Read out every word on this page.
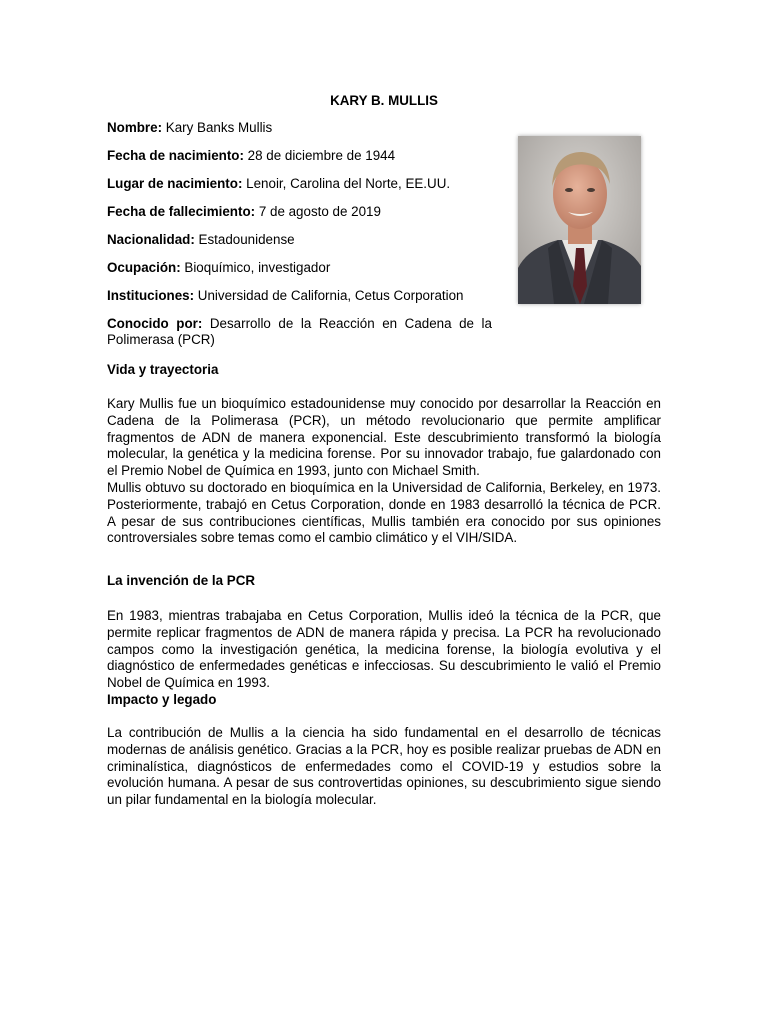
KARY B. MULLIS
Nombre: Kary Banks Mullis
Fecha de nacimiento: 28 de diciembre de 1944
Lugar de nacimiento: Lenoir, Carolina del Norte, EE.UU.
Fecha de fallecimiento: 7 de agosto de 2019
Nacionalidad: Estadounidense
Ocupación: Bioquímico, investigador
Instituciones: Universidad de California, Cetus Corporation
Conocido por: Desarrollo de la Reacción en Cadena de la Polimerasa (PCR)
Vida y trayectoria

Kary Mullis fue un bioquímico estadounidense muy conocido por desarrollar la Reacción en Cadena de la Polimerasa (PCR), un método revolucionario que permite amplificar fragmentos de ADN de manera exponencial. Este descubrimiento transformó la biología molecular, la genética y la medicina forense. Por su innovador trabajo, fue galardonado con el Premio Nobel de Química en 1993, junto con Michael Smith.

Mullis obtuvo su doctorado en bioquímica en la Universidad de California, Berkeley, en 1973. Posteriormente, trabajó en Cetus Corporation, donde en 1983 desarrolló la técnica de PCR. A pesar de sus contribuciones científicas, Mullis también era conocido por sus opiniones controversiales sobre temas como el cambio climático y el VIH/SIDA.

La invención de la PCR

En 1983, mientras trabajaba en Cetus Corporation, Mullis ideó la técnica de la PCR, que permite replicar fragmentos de ADN de manera rápida y precisa. La PCR ha revolucionado campos como la investigación genética, la medicina forense, la biología evolutiva y el diagnóstico de enfermedades genéticas e infecciosas. Su descubrimiento le valió el Premio Nobel de Química en 1993.

Impacto y legado

La contribución de Mullis a la ciencia ha sido fundamental en el desarrollo de técnicas modernas de análisis genético. Gracias a la PCR, hoy es posible realizar pruebas de ADN en criminalística, diagnósticos de enfermedades como el COVID-19 y estudios sobre la evolución humana. A pesar de sus controvertidas opiniones, su descubrimiento sigue siendo un pilar fundamental en la biología molecular.
